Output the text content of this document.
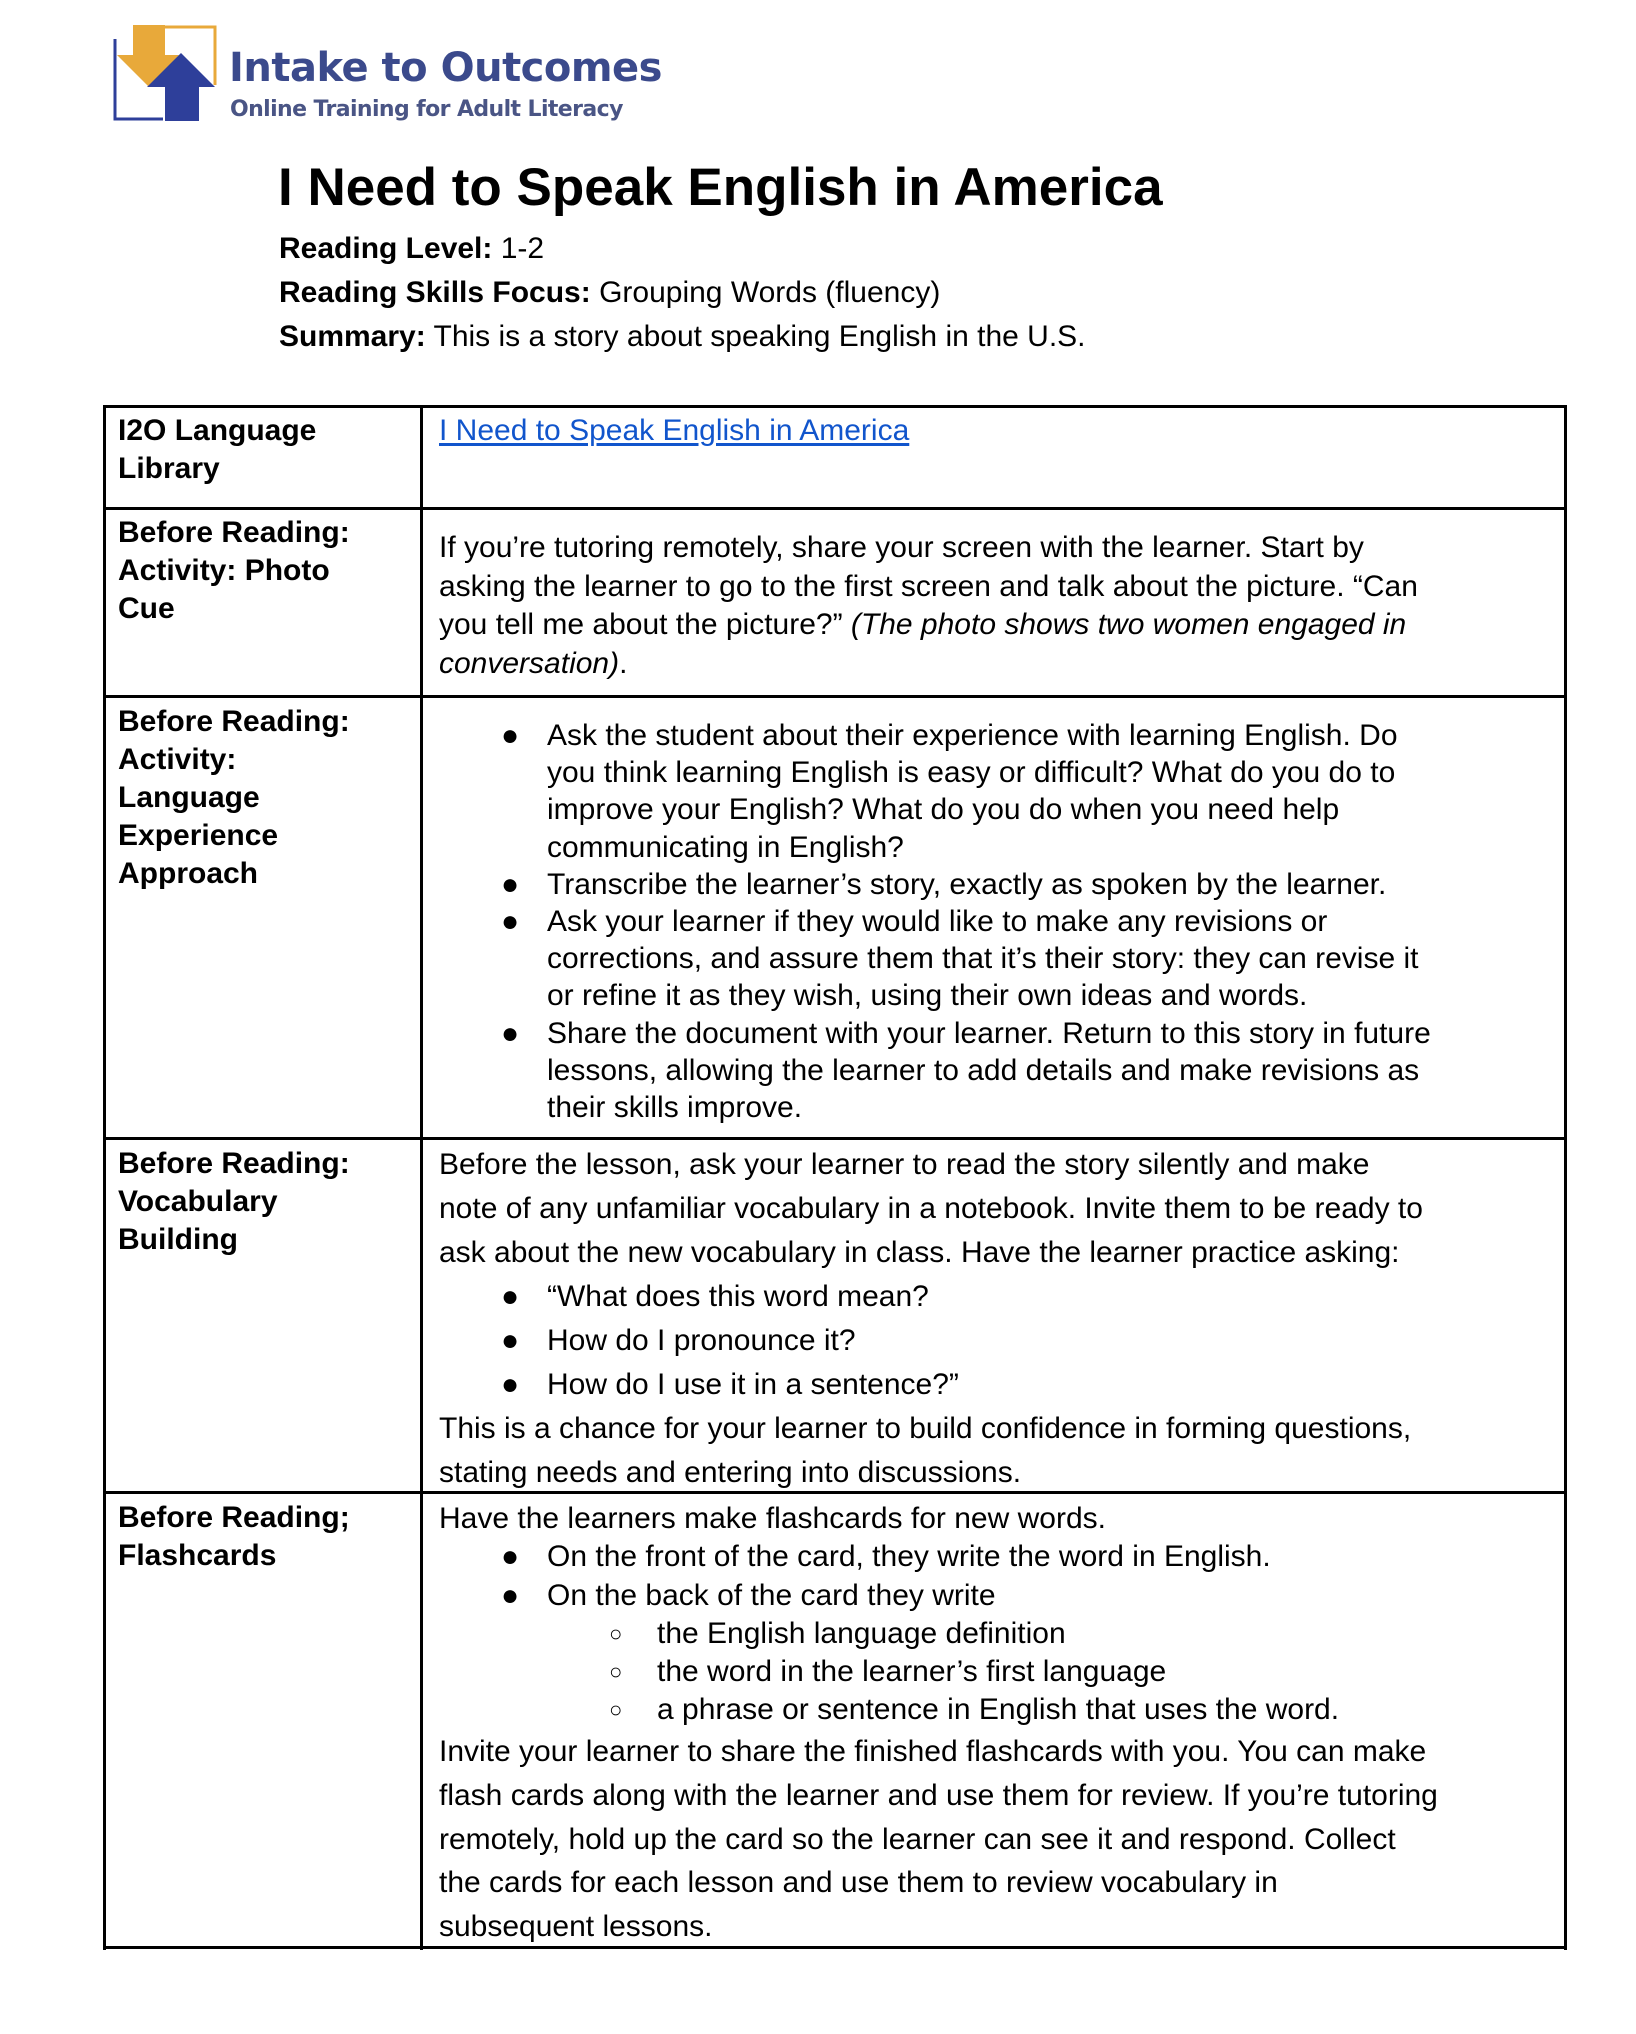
Intake to Outcomes
Online Training for Adult Literacy
I Need to Speak English in America
Reading Level: 1-2
Reading Skills Focus: Grouping Words (fluency)
Summary: This is a story about speaking English in the U.S.
I2O Language
Library
I Need to Speak English in America
Before Reading:
Activity: Photo
Cue
If you’re tutoring remotely, share your screen with the learner. Start by
asking the learner to go to the first screen and talk about the picture. “Can
you tell me about the picture?” (The photo shows two women engaged in
conversation).
Before Reading:
Activity:
Language
Experience
Approach
● Ask the student about their experience with learning English. Do
you think learning English is easy or difficult? What do you do to
improve your English? What do you do when you need help
communicating in English?
● Transcribe the learner’s story, exactly as spoken by the learner.
● Ask your learner if they would like to make any revisions or
corrections, and assure them that it’s their story: they can revise it
or refine it as they wish, using their own ideas and words.
● Share the document with your learner. Return to this story in future
lessons, allowing the learner to add details and make revisions as
their skills improve.
Before Reading:
Vocabulary
Building
Before the lesson, ask your learner to read the story silently and make
note of any unfamiliar vocabulary in a notebook. Invite them to be ready to
ask about the new vocabulary in class. Have the learner practice asking:
● “What does this word mean?
● How do I pronounce it?
● How do I use it in a sentence?”
This is a chance for your learner to build confidence in forming questions,
stating needs and entering into discussions.
Before Reading;
Flashcards
Have the learners make flashcards for new words.
● On the front of the card, they write the word in English.
● On the back of the card they write
○ the English language definition
○ the word in the learner’s first language
○ a phrase or sentence in English that uses the word.
Invite your learner to share the finished flashcards with you. You can make
flash cards along with the learner and use them for review. If you’re tutoring
remotely, hold up the card so the learner can see it and respond. Collect
the cards for each lesson and use them to review vocabulary in
subsequent lessons.
